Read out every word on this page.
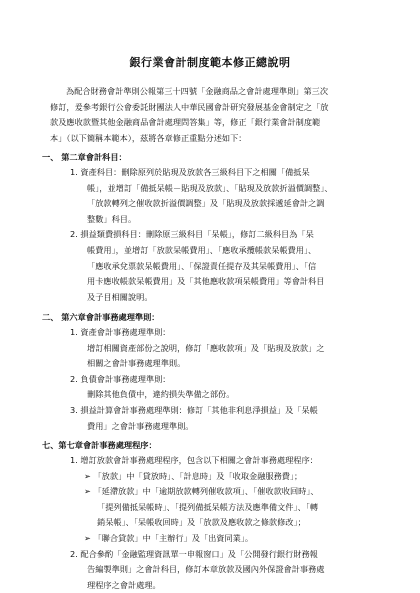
銀行業會計制度範本修正總說明
為配合財務會計準則公報第三十四號「金融商品之會計處理準則」第三次
修訂，爰參考銀行公會委託財團法人中華民國會計研究發展基金會制定之「放
款及應收款暨其他金融商品會計處理問答集」等，修正「銀行業會計制度範
本」（以下簡稱本範本），茲將各章修正重點分述如下：
一、 第二章會計科目：
1. 資產科目：刪除原列於貼現及放款各三級科目下之相關「備抵呆
帳」，並增訂「備抵呆帳－貼現及放款」、「貼現及放款折溢價調整」、
「放款轉列之催收款折溢價調整」及「貼現及放款採遞延會計之調
整數」科目。
2. 損益類費損科目：刪除原三級科目「呆帳」，修訂二級科目為「呆
帳費用」，並增訂「放款呆帳費用」、「應收承攬帳款呆帳費用」、
「應收承兌票款呆帳費用」、「保證責任提存及其呆帳費用」、「信
用卡應收帳款呆帳費用」及「其他應收款項呆帳費用」等會計科目
及子目相關說明。
二、 第六章會計事務處理準則：
1. 資產會計事務處理準則：
增訂相關資產部份之說明，修訂「應收款項」及「貼現及放款」之
相關之會計事務處理準則。
2. 負債會計事務處理準則：
刪除其他負債中，違約損失準備之部份。
3. 損益計算會計事務處理準則：修訂「其他非利息淨損益」及「呆帳
費用」之會計事務處理準則。
七、第七章會計事務處理程序：
1. 增訂放款會計事務處理程序，包含以下相關之會計事務處理程序：
➢ 「放款」中「貸放時」、「計息時」及「收取金融服務費」；
➢ 「延滯放款」中「逾期放款轉列催收款項」、「催收款收回時」、
「提列備抵呆帳時」、「提列備抵呆帳方法及應準備文件」、「轉
銷呆帳」、「呆帳收回時」及「放款及應收款之條款修改」；
➢ 「聯合貸款」中「主辦行」及「出資同業」。
2. 配合參酌「金融監理資訊單一申報窗口」及「公開發行銀行財務報
告編製準則」之會計科目，修訂本章放款及國內外保證會計事務處
理程序之會計處理。
